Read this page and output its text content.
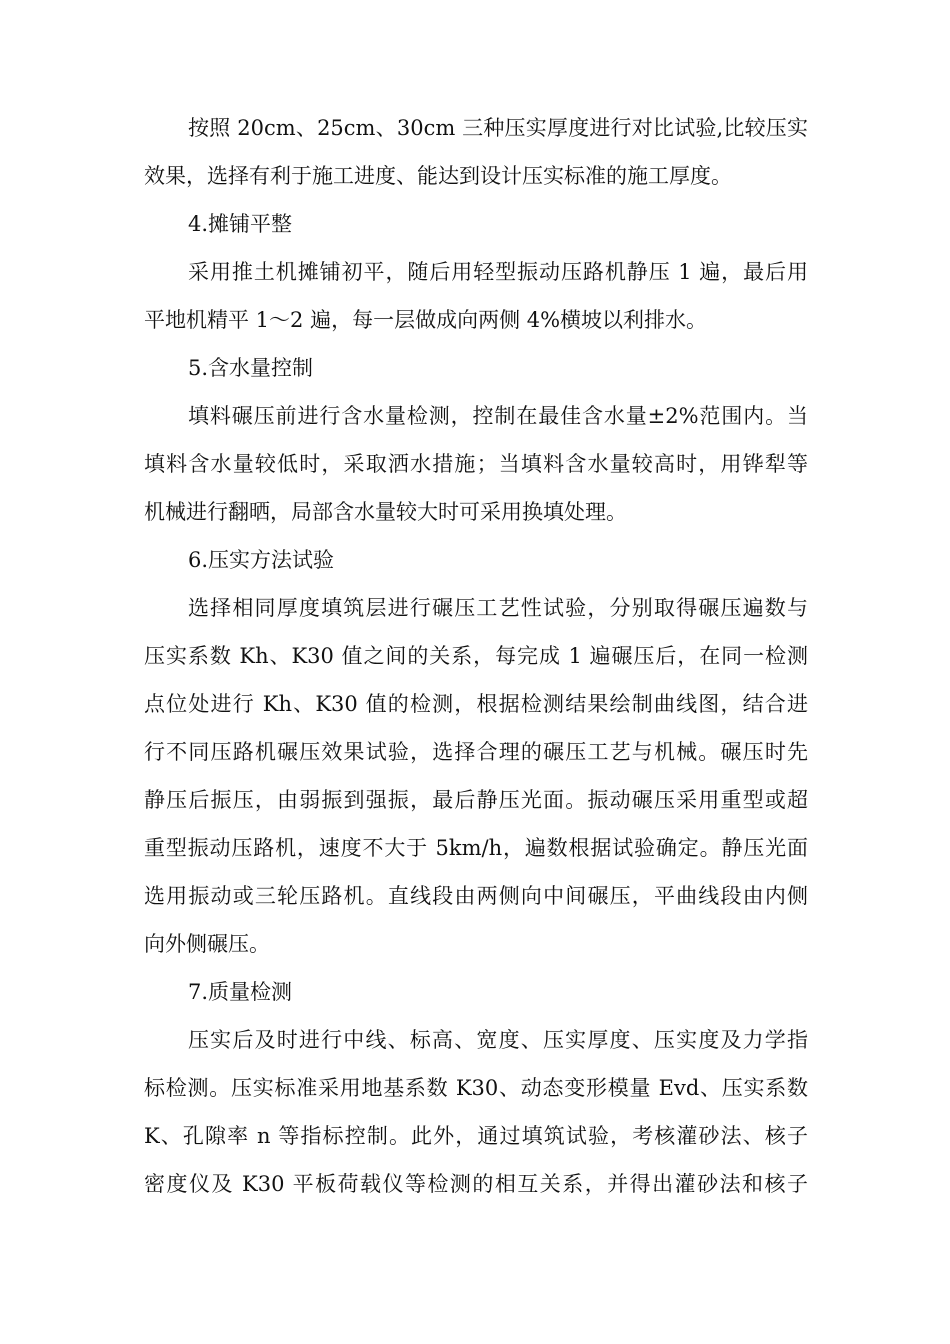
按照 20cm、25cm、30cm 三种压实厚度进行对比试验,比较压实
效果，选择有利于施工进度、能达到设计压实标准的施工厚度。
4.摊铺平整
采用推土机摊铺初平，随后用轻型振动压路机静压 1 遍，最后用
平地机精平 1～2 遍，每一层做成向两侧 4%横坡以利排水。
5.含水量控制
填料碾压前进行含水量检测，控制在最佳含水量±2%范围内。当
填料含水量较低时，采取洒水措施；当填料含水量较高时，用铧犁等
机械进行翻晒，局部含水量较大时可采用换填处理。
6.压实方法试验
选择相同厚度填筑层进行碾压工艺性试验，分别取得碾压遍数与
压实系数 Kh、K30 值之间的关系，每完成 1 遍碾压后，在同一检测
点位处进行 Kh、K30 值的检测，根据检测结果绘制曲线图，结合进
行不同压路机碾压效果试验，选择合理的碾压工艺与机械。碾压时先
静压后振压，由弱振到强振，最后静压光面。振动碾压采用重型或超
重型振动压路机，速度不大于 5km/h，遍数根据试验确定。静压光面
选用振动或三轮压路机。直线段由两侧向中间碾压，平曲线段由内侧
向外侧碾压。
7.质量检测
压实后及时进行中线、标高、宽度、压实厚度、压实度及力学指
标检测。压实标准采用地基系数 K30、动态变形模量 Evd、压实系数
K、孔隙率 n 等指标控制。此外，通过填筑试验，考核灌砂法、核子
密度仪及 K30 平板荷载仪等检测的相互关系，并得出灌砂法和核子
